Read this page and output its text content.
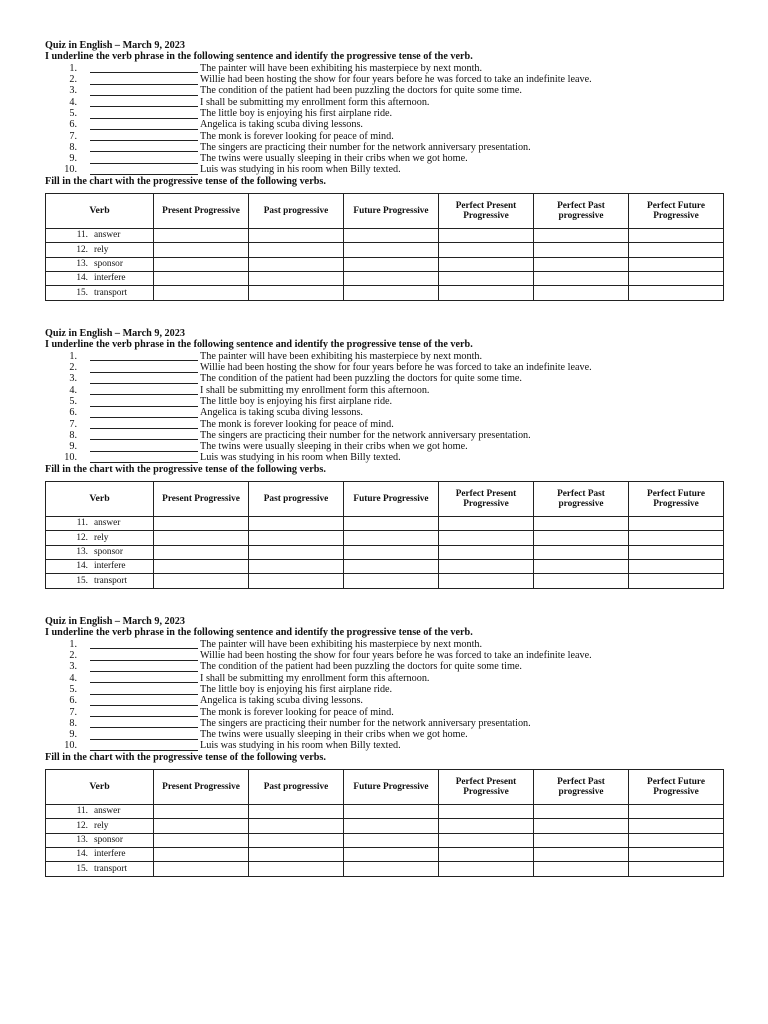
Quiz in English – March 9, 2023
I underline the verb phrase in the following sentence and identify the progressive tense of the verb.
1.	The painter will have been exhibiting his masterpiece by next month.
2.	Willie had been hosting the show for four years before he was forced to take an indefinite leave.
3.	The condition of the patient had been puzzling the doctors for quite some time.
4.	I shall be submitting my enrollment form this afternoon.
5.	The little boy is enjoying his first airplane ride.
6.	Angelica is taking scuba diving lessons.
7.	The monk is forever looking for peace of mind.
8.	The singers are practicing their number for the network anniversary presentation.
9.	The twins were usually sleeping in their cribs when we got home.
10.	Luis was studying in his room when Billy texted.
Fill in the chart with the progressive tense of the following verbs.
Verb	Present Progressive	Past progressive	Future Progressive	Perfect Present Progressive	Perfect Past progressive	Perfect Future Progressive
11. answer						
12. rely						
13. sponsor						
14. interfere						
15. transport						
Quiz in English – March 9, 2023
I underline the verb phrase in the following sentence and identify the progressive tense of the verb.
1.	The painter will have been exhibiting his masterpiece by next month.
2.	Willie had been hosting the show for four years before he was forced to take an indefinite leave.
3.	The condition of the patient had been puzzling the doctors for quite some time.
4.	I shall be submitting my enrollment form this afternoon.
5.	The little boy is enjoying his first airplane ride.
6.	Angelica is taking scuba diving lessons.
7.	The monk is forever looking for peace of mind.
8.	The singers are practicing their number for the network anniversary presentation.
9.	The twins were usually sleeping in their cribs when we got home.
10.	Luis was studying in his room when Billy texted.
Fill in the chart with the progressive tense of the following verbs.
Verb	Present Progressive	Past progressive	Future Progressive	Perfect Present Progressive	Perfect Past progressive	Perfect Future Progressive
11. answer						
12. rely						
13. sponsor						
14. interfere						
15. transport						
Quiz in English – March 9, 2023
I underline the verb phrase in the following sentence and identify the progressive tense of the verb.
1.	The painter will have been exhibiting his masterpiece by next month.
2.	Willie had been hosting the show for four years before he was forced to take an indefinite leave.
3.	The condition of the patient had been puzzling the doctors for quite some time.
4.	I shall be submitting my enrollment form this afternoon.
5.	The little boy is enjoying his first airplane ride.
6.	Angelica is taking scuba diving lessons.
7.	The monk is forever looking for peace of mind.
8.	The singers are practicing their number for the network anniversary presentation.
9.	The twins were usually sleeping in their cribs when we got home.
10.	Luis was studying in his room when Billy texted.
Fill in the chart with the progressive tense of the following verbs.
Verb	Present Progressive	Past progressive	Future Progressive	Perfect Present Progressive	Perfect Past progressive	Perfect Future Progressive
11. answer						
12. rely						
13. sponsor						
14. interfere						
15. transport						
